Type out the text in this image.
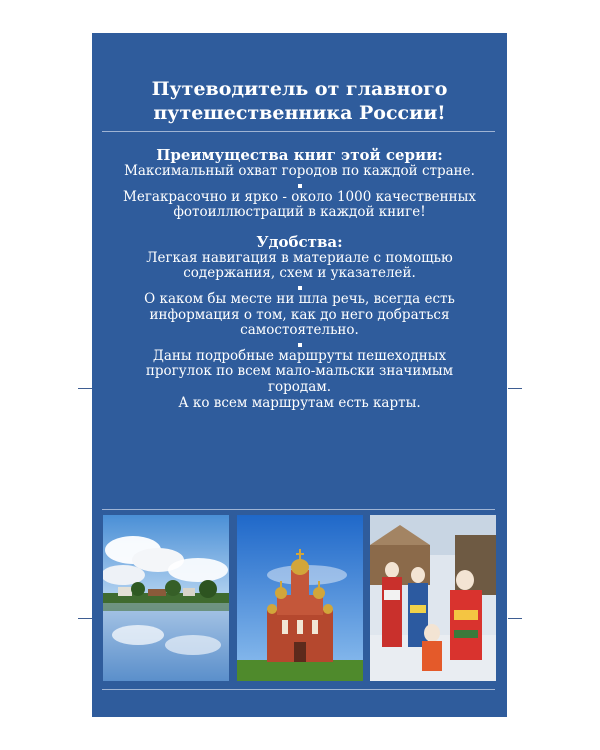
Путеводитель от главного
путешественника России!
Преимущества книг этой серии:

Максимальный охват городов по каждой стране.

Мегакрасочно и ярко - около 1000 качественных
фотоиллюстраций в каждой книге!

Удобства:

Легкая навигация в материале с помощью
содержания, схем и указателей.

О каком бы месте ни шла речь, всегда есть
информация о том, как до него добраться
самостоятельно.

Даны подробные маршруты пешеходных
прогулок по всем мало-мальски значимым
городам.
А ко всем маршрутам есть карты.
